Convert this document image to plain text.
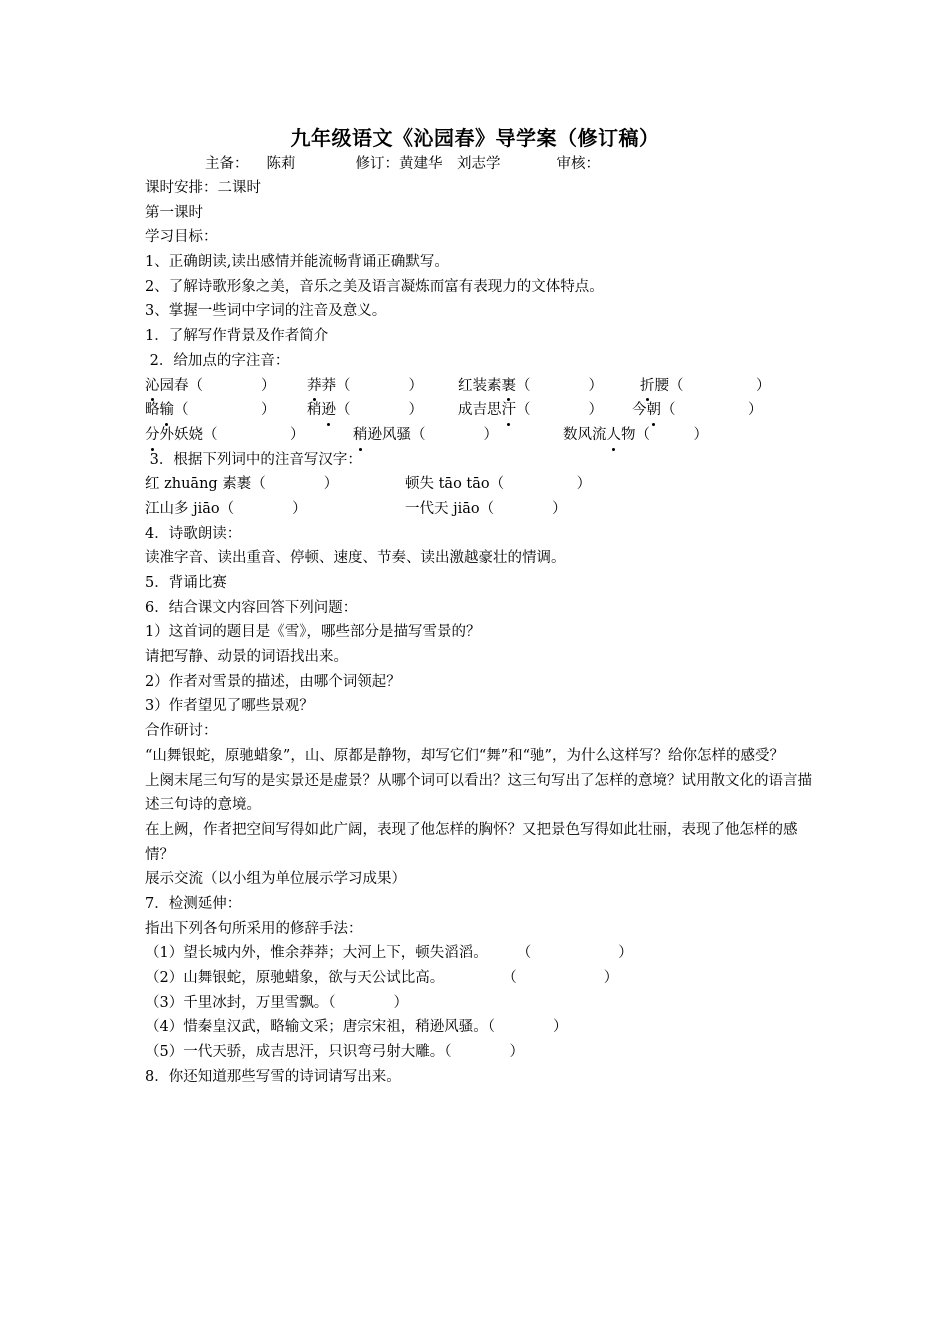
九年级语文《沁园春》导学案（修订稿）
主备： 陈莉	修订：黄建华　刘志学	审核：
课时安排：二课时
第一课时
学习目标：
1、正确朗读,读出感情并能流畅背诵正确默写。
2、了解诗歌形象之美，音乐之美及语言凝炼而富有表现力的文体特点。
3、掌握一些词中字词的注音及意义。
1．了解写作背景及作者简介
2．给加点的字注音：
沁园春（　　　　） 莽莽（　　　　） 红装素裹（　　　　）	折腰（　　　　　）
略输（　　　　　） 稍逊（　　　　） 成吉思汗（　　　　） 今朝（　　　　　）
分外妖娆（　　　　　）	稍逊风骚（　　　　）	数风流人物（　　　）
3．根据下列词中的注音写汉字：
红 zhuāng 素裹（　　　　）	顿失 tāo tāo（　　　　　）
江山多 jiāo（　　　　）	一代天 jiāo（　　　　）
4．诗歌朗读：
读准字音、读出重音、停顿、速度、节奏、读出激越豪壮的情调。
5．背诵比赛
6．结合课文内容回答下列问题：
1）这首词的题目是《雪》，哪些部分是描写雪景的？
请把写静、动景的词语找出来。
2）作者对雪景的描述，由哪个词领起？
3）作者望见了哪些景观？
合作研讨：
“山舞银蛇，原驰蜡象”，山、原都是静物，却写它们“舞”和“驰”，为什么这样写？给你怎样的感受？
上阕末尾三句写的是实景还是虚景？从哪个词可以看出？这三句写出了怎样的意境？试用散文化的语言描述三句诗的意境。
在上阙，作者把空间写得如此广阔，表现了他怎样的胸怀？又把景色写得如此壮丽，表现了他怎样的感情？
展示交流（以小组为单位展示学习成果）
7．检测延伸：
指出下列各句所采用的修辞手法：
（1）望长城内外，惟余莽莽；大河上下，顿失滔滔。　　　（　　　　　　）
（2）山舞银蛇，原驰蜡象，欲与天公试比高。　　　　　（　　　　　　）
（3）千里冰封，万里雪飘。（　　　　）
（4）惜秦皇汉武，略输文采；唐宗宋祖，稍逊风骚。（　　　　）
（5）一代天骄，成吉思汗，只识弯弓射大雕。（　　　　）
8．你还知道那些写雪的诗词请写出来。
